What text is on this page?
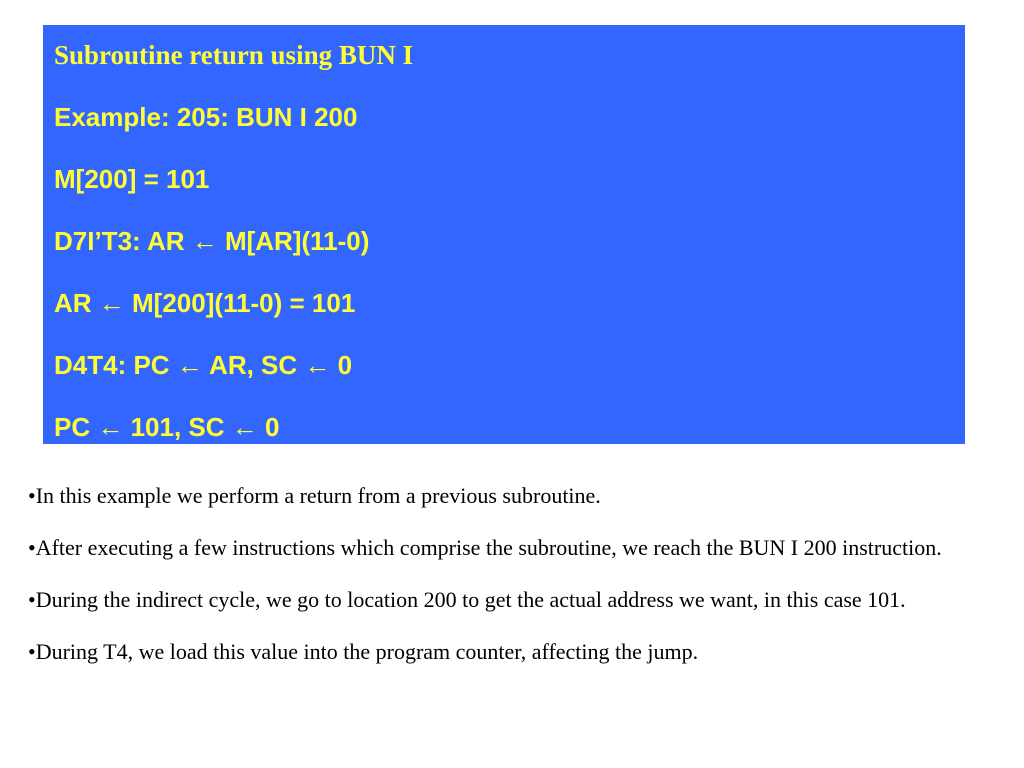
Subroutine return using BUN I
Example: 205: BUN I 200
M[200] = 101
D7I’T3: AR ← M[AR](11-0)
AR ← M[200](11-0) = 101
D4T4: PC ← AR, SC ← 0
PC ← 101, SC ← 0
•In this example we perform a return from a previous subroutine.
•After executing a few instructions which comprise the subroutine, we reach the BUN I 200 instruction.
•During the indirect cycle, we go to location 200 to get the actual address we want, in this case 101.
•During T4, we load this value into the program counter, affecting the jump.
